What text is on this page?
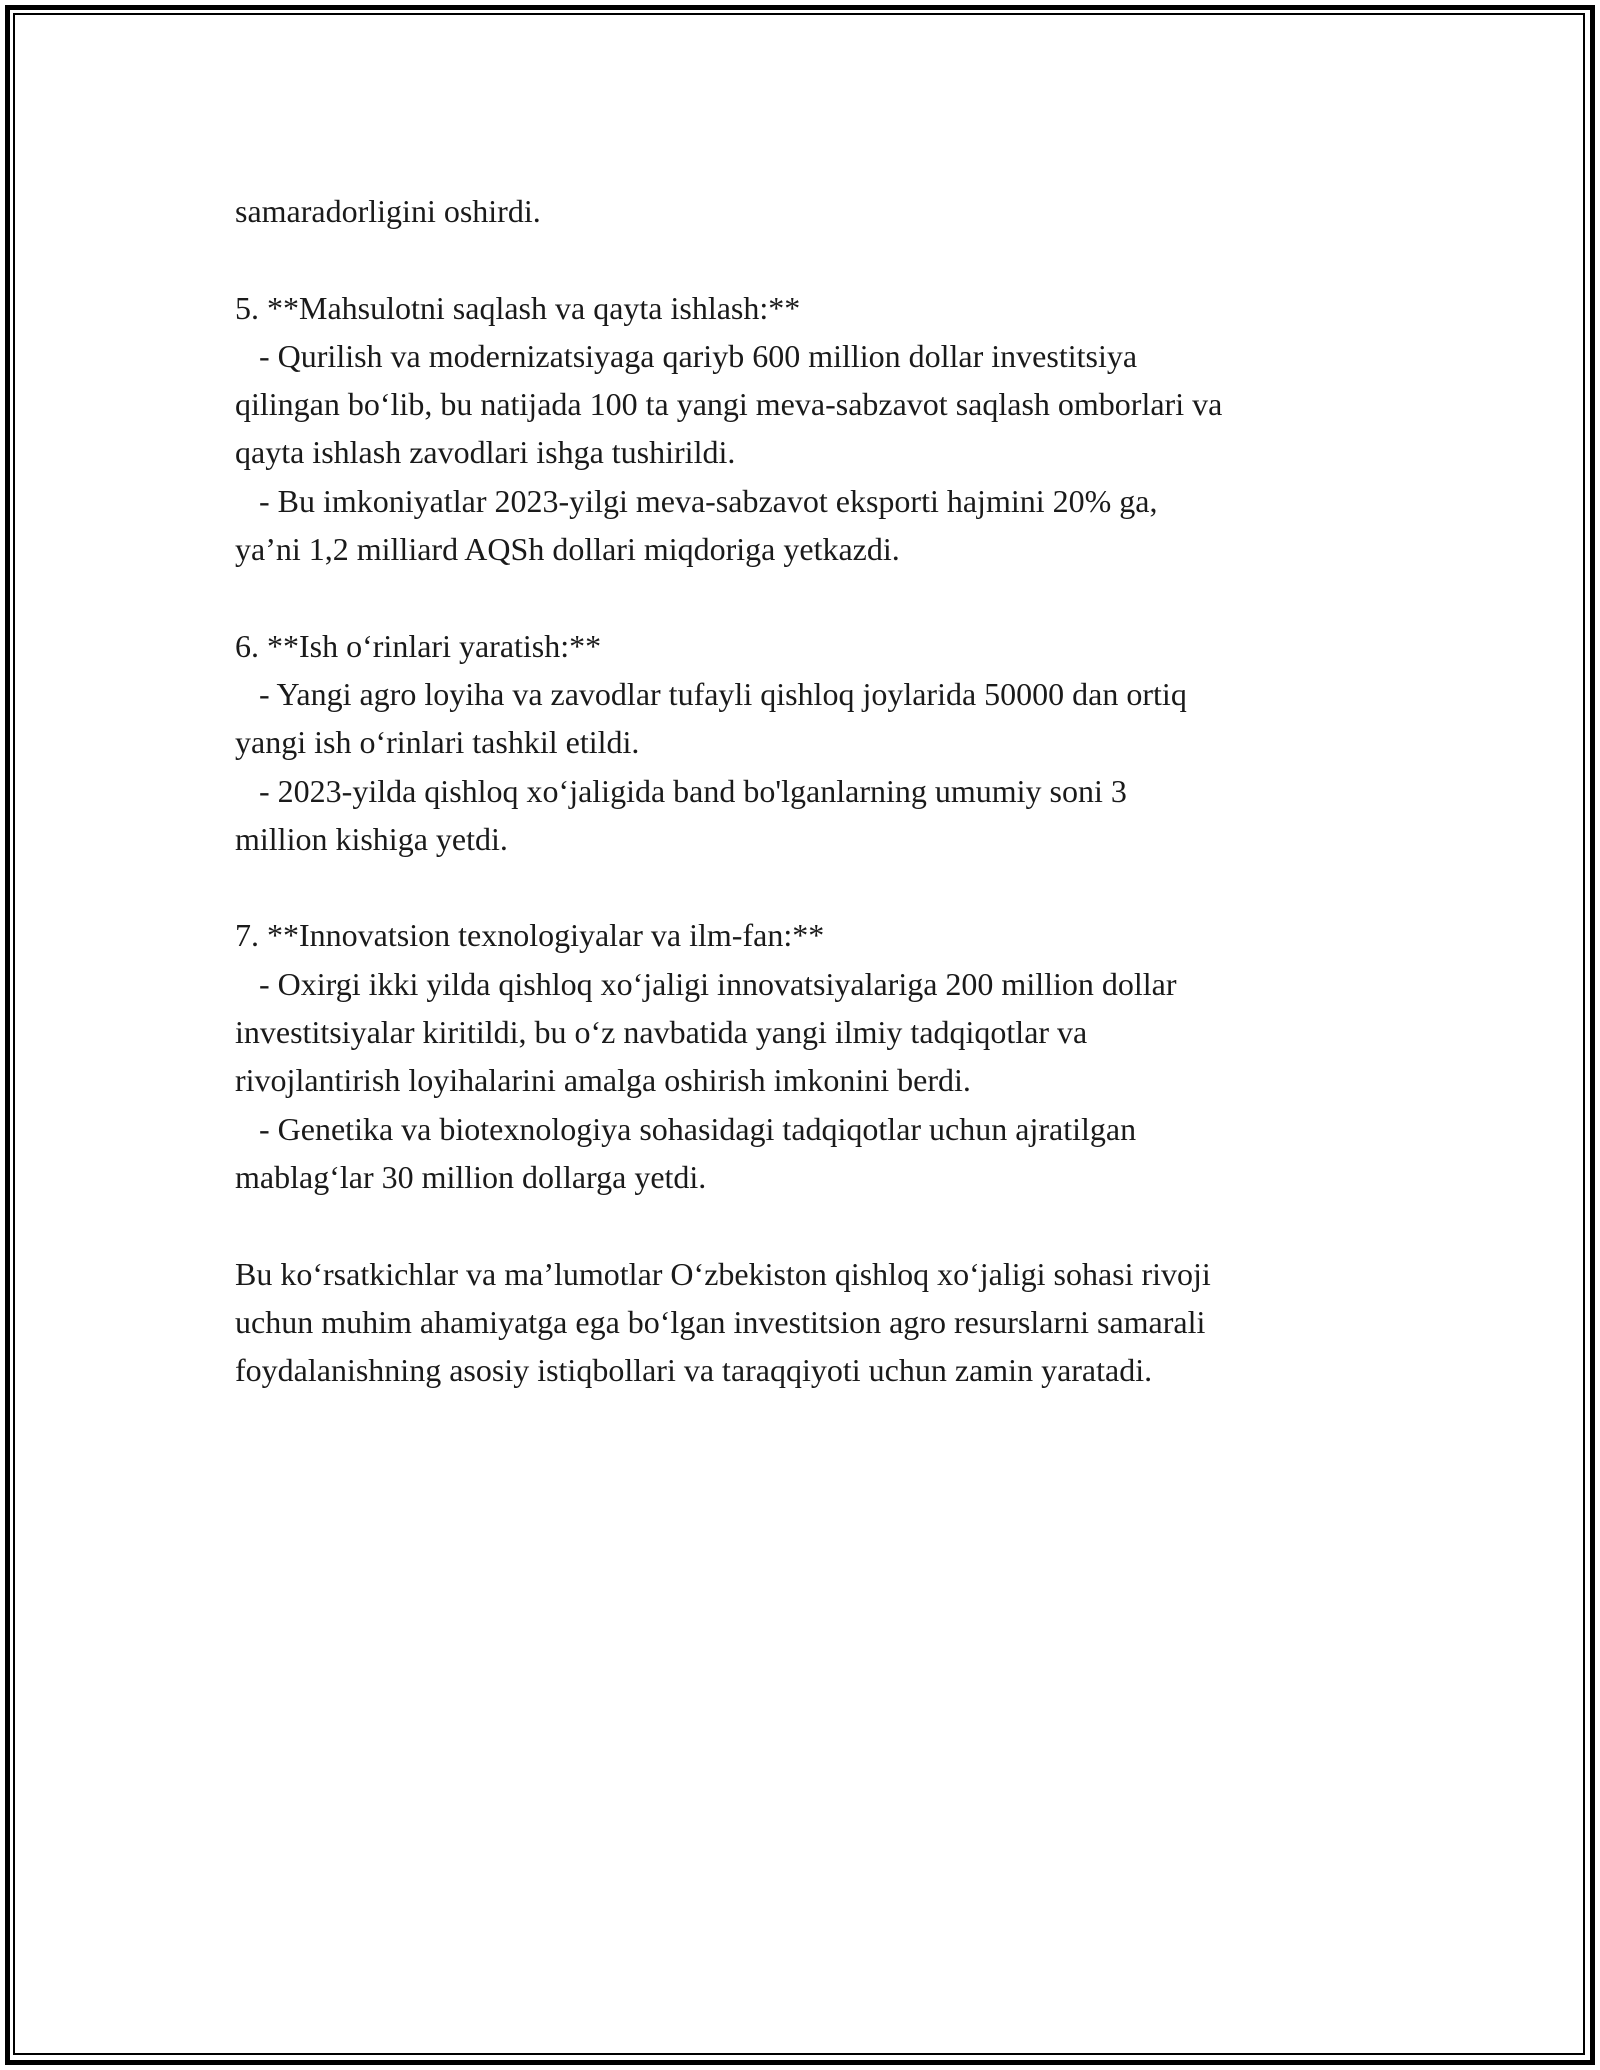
samaradorligini oshirdi.
5. **Mahsulotni saqlash va qayta ishlash:**
- Qurilish va modernizatsiyaga qariyb 600 million dollar investitsiya
qilingan bo‘lib, bu natijada 100 ta yangi meva-sabzavot saqlash omborlari va
qayta ishlash zavodlari ishga tushirildi.
- Bu imkoniyatlar 2023-yilgi meva-sabzavot eksporti hajmini 20% ga,
ya’ni 1,2 milliard AQSh dollari miqdoriga yetkazdi.
6. **Ish o‘rinlari yaratish:**
- Yangi agro loyiha va zavodlar tufayli qishloq joylarida 50000 dan ortiq
yangi ish o‘rinlari tashkil etildi.
- 2023-yilda qishloq xo‘jaligida band bo'lganlarning umumiy soni 3
million kishiga yetdi.
7. **Innovatsion texnologiyalar va ilm-fan:**
- Oxirgi ikki yilda qishloq xo‘jaligi innovatsiyalariga 200 million dollar
investitsiyalar kiritildi, bu o‘z navbatida yangi ilmiy tadqiqotlar va
rivojlantirish loyihalarini amalga oshirish imkonini berdi.
- Genetika va biotexnologiya sohasidagi tadqiqotlar uchun ajratilgan
mablag‘lar 30 million dollarga yetdi.
Bu ko‘rsatkichlar va ma’lumotlar O‘zbekiston qishloq xo‘jaligi sohasi rivoji
uchun muhim ahamiyatga ega bo‘lgan investitsion agro resurslarni samarali
foydalanishning asosiy istiqbollari va taraqqiyoti uchun zamin yaratadi.
